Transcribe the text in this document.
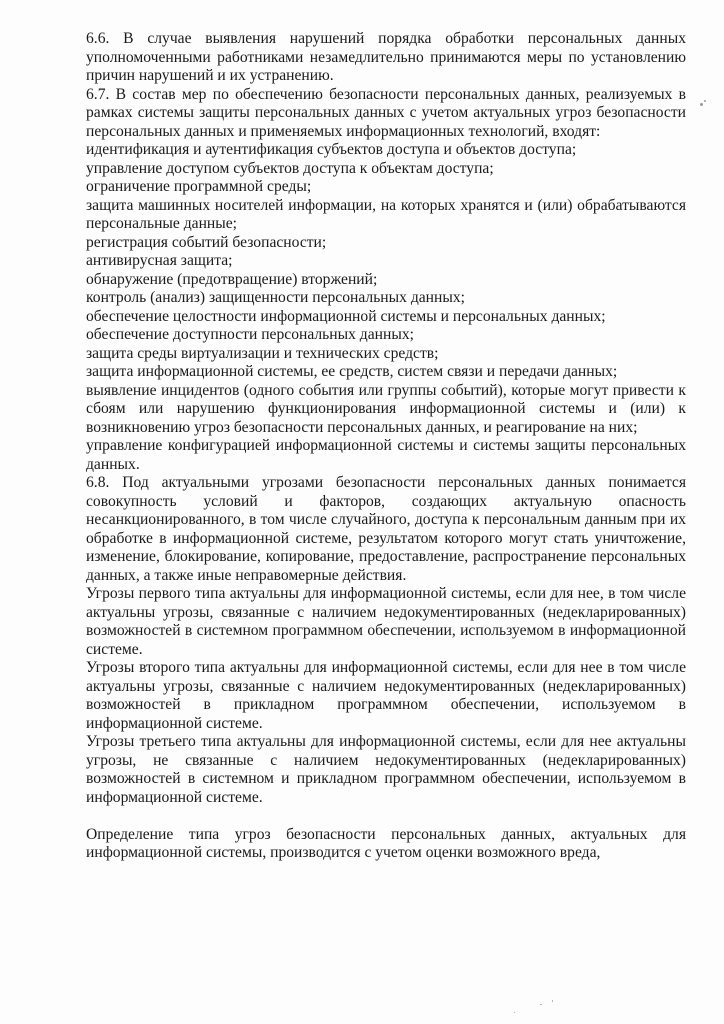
6.6. В случае выявления нарушений порядка обработки персональных данных уполномоченными работниками незамедлительно принимаются меры по установлению причин нарушений и их устранению.

6.7. В состав мер по обеспечению безопасности персональных данных, реализуемых в рамках системы защиты персональных данных с учетом актуальных угроз безопасности персональных данных и применяемых информационных технологий, входят:

идентификация и аутентификация субъектов доступа и объектов доступа;

управление доступом субъектов доступа к объектам доступа;

ограничение программной среды;

защита машинных носителей информации, на которых хранятся и (или) обрабатываются персональные данные;

регистрация событий безопасности;

антивирусная защита;

обнаружение (предотвращение) вторжений;

контроль (анализ) защищенности персональных данных;

обеспечение целостности информационной системы и персональных данных;

обеспечение доступности персональных данных;

защита среды виртуализации и технических средств;

защита информационной системы, ее средств, систем связи и передачи данных;

выявление инцидентов (одного события или группы событий), которые могут привести к сбоям или нарушению функционирования информационной системы и (или) к возникновению угроз безопасности персональных данных, и реагирование на них;

управление конфигурацией информационной системы и системы защиты персональных данных.

6.8. Под актуальными угрозами безопасности персональных данных понимается совокупность условий и факторов, создающих актуальную опасность несанкционированного, в том числе случайного, доступа к персональным данным при их обработке в информационной системе, результатом которого могут стать уничтожение, изменение, блокирование, копирование, предоставление, распространение персональных данных, а также иные неправомерные действия.

Угрозы первого типа актуальны для информационной системы, если для нее, в том числе актуальны угрозы, связанные с наличием недокументированных (недекларированных) возможностей в системном программном обеспечении, используемом в информационной системе.

Угрозы второго типа актуальны для информационной системы, если для нее в том числе актуальны угрозы, связанные с наличием недокументированных (недекларированных) возможностей в прикладном программном обеспечении, используемом в информационной системе.

Угрозы третьего типа актуальны для информационной системы, если для нее актуальны угрозы, не связанные с наличием недокументированных (недекларированных) возможностей в системном и прикладном программном обеспечении, используемом в информационной системе.

Определение типа угроз безопасности персональных данных, актуальных для информационной системы, производится с учетом оценки возможного вреда,
